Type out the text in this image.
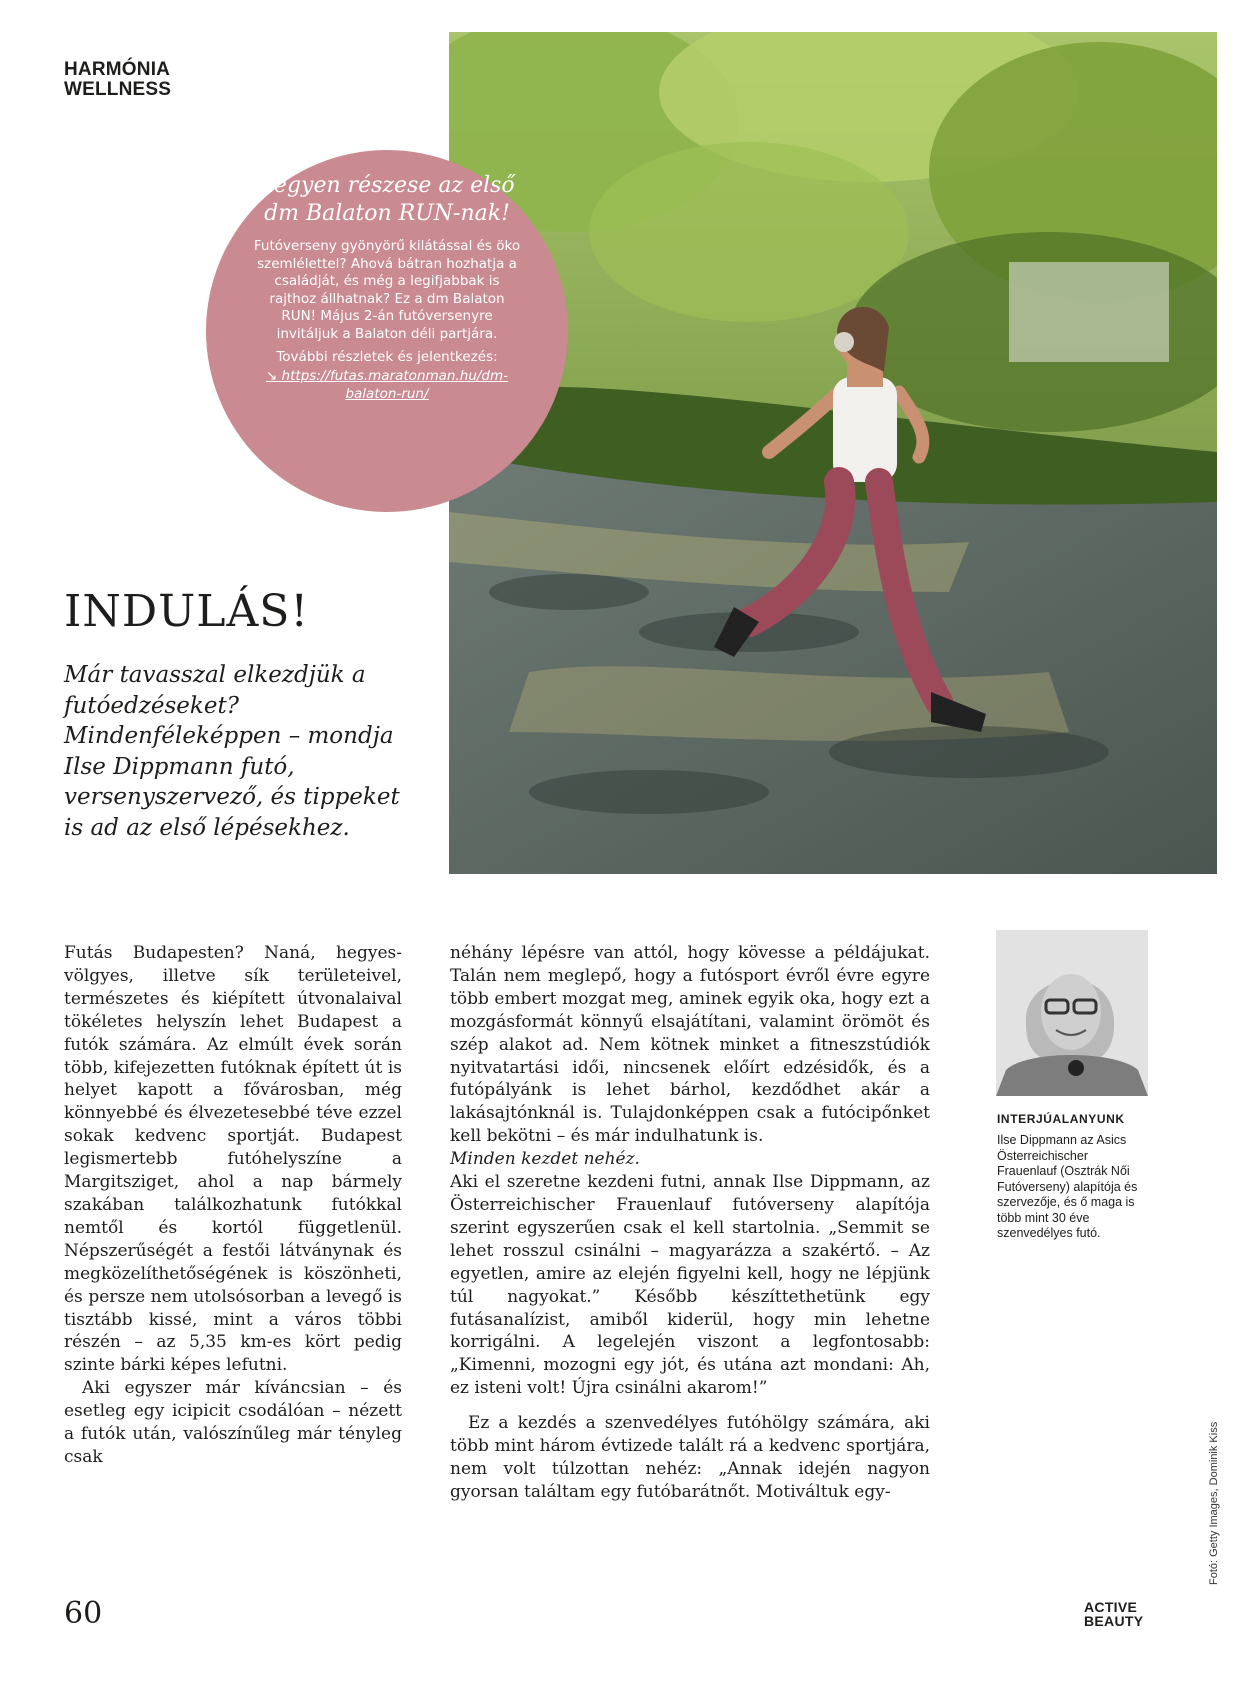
HARMÓNIA
WELLNESS

Legyen részese az első dm Balaton RUN-nak!

Futóverseny gyönyörű kilátással és öko szemlélettel? Ahová bátran hozhatja a családját, és még a legifjabbak is rajthoz állhatnak? Ez a dm Balaton RUN! Május 2-án futóversenyre invitáljuk a Balaton déli partjára.

További részletek és jelentkezés:

↘ https://futas.maratonman.hu/dm-balaton-run/
INDULÁS!

Már tavasszal elkezdjük a futóedzéseket? Mindenféleképpen – mondja Ilse Dippmann futó, versenyszervező, és tippeket is ad az első lépésekhez.

Futás Budapesten? Naná, hegyes-völgyes, illetve sík területeivel, természetes és kiépített útvonalaival tökéletes helyszín lehet Budapest a futók számára. Az elmúlt évek során több, kifejezetten futóknak épített út is helyet kapott a fővárosban, még könnyebbé és élvezetesebbé téve ezzel sokak kedvenc sportját. Budapest legismertebb futóhelyszíne a Margitsziget, ahol a nap bármely szakában találkozhatunk futókkal nemtől és kortól függetlenül. Népszerűségét a festői látványnak és megközelíthetőségének is köszönheti, és persze nem utolsósorban a levegő is tisztább kissé, mint a város többi részén – az 5,35 km-es kört pedig szinte bárki képes lefutni.

Aki egyszer már kíváncsian – és esetleg egy icipicit csodálóan – nézett a futók után, valószínűleg már tényleg csak

néhány lépésre van attól, hogy kövesse a példájukat. Talán nem meglepő, hogy a futósport évről évre egyre több embert mozgat meg, aminek egyik oka, hogy ezt a mozgásformát könnyű elsajátítani, valamint örömöt és szép alakot ad. Nem kötnek minket a fitneszstúdiók nyitvatartási idői, nincsenek előírt edzésidők, és a futópályánk is lehet bárhol, kezdődhet akár a lakásajtónknál is. Tulajdonképpen csak a futócipőnket kell bekötni – és már indulhatunk is.

Minden kezdet nehéz.

Aki el szeretne kezdeni futni, annak Ilse Dippmann, az Österreichischer Frauenlauf futóverseny alapítója szerint egyszerűen csak el kell startolnia. „Semmit se lehet rosszul csinálni – magyarázza a szakértő. – Az egyetlen, amire az elején figyelni kell, hogy ne lépjünk túl nagyokat.” Később készíttethetünk egy futásanalízist, amiből kiderül, hogy min lehetne korrigálni. A legelején viszont a legfontosabb: „Kimenni, mozogni egy jót, és utána azt mondani: Ah, ez isteni volt! Újra csinálni akarom!”

Ez a kezdés a szenvedélyes futóhölgy számára, aki több mint három évtizede talált rá a kedvenc sportjára, nem volt túlzottan nehéz: „Annak idején nagyon gyorsan találtam egy futóbarátnőt. Motiváltuk egy-

INTERJÚALANYUNK
Ilse Dippmann az Asics Österreichischer Frauenlauf (Osztrák Női Futóverseny) alapítója és szervezője, és ő maga is több mint 30 éve szenvedélyes futó.
Fotó: Getty Images, Dominik Kiss
60	ACTIVE
BEAUTY
